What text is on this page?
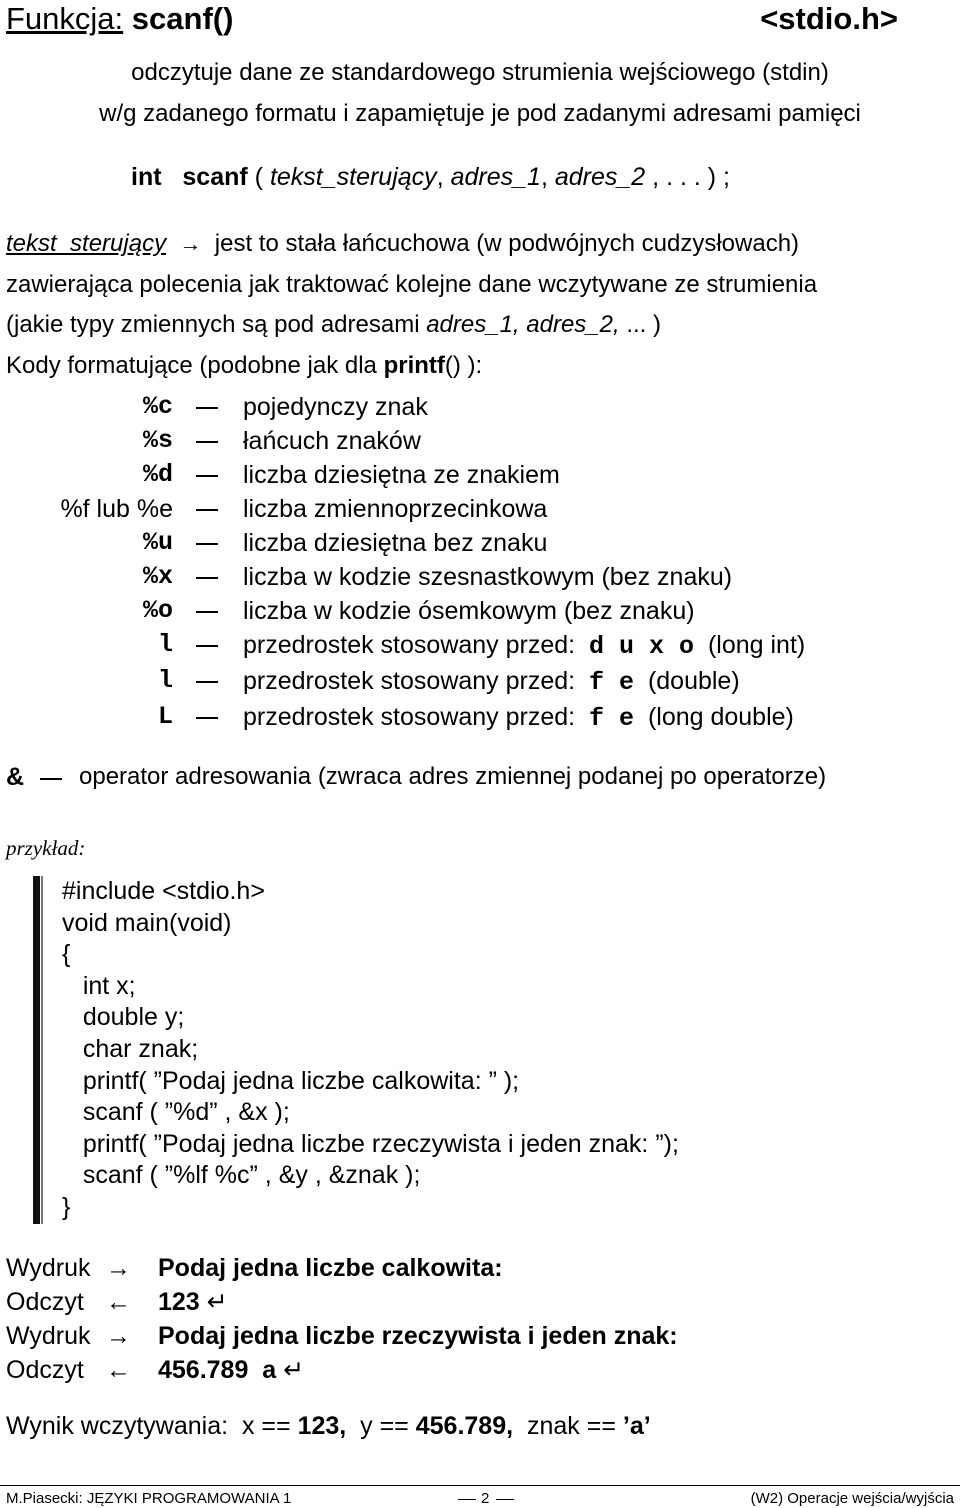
Funkcja: scanf()	<stdio.h>
odczytuje dane ze standardowego strumienia wejściowego (stdin)
w/g zadanego formatu i zapamiętuje je pod zadanymi adresami pamięci
int scanf ( tekst_sterujący, adres_1, adres_2 , . . . ) ;
tekst_sterujący → jest to stała łańcuchowa (w podwójnych cudzysłowach)
zawierająca polecenia jak traktować kolejne dane wczytywane ze strumienia
(jakie typy zmiennych są pod adresami adres_1, adres_2, ... )
Kody formatujące (podobne jak dla printf() ):
%c	pojedynczy znak
%s	łańcuch znaków
%d	liczba dziesiętna ze znakiem
%f lub %e	liczba zmiennoprzecinkowa
%u	liczba dziesiętna bez znaku
%x	liczba w kodzie szesnastkowym (bez znaku)
%o	liczba w kodzie ósemkowym (bez znaku)
l	przedrostek stosowany przed: d u x o (long int)
l	przedrostek stosowany przed: f e (double)
L	przedrostek stosowany przed: f e (long double)
& operator adresowania (zwraca adres zmiennej podanej po operatorze)
przykład:
#include <stdio.h>
void main(void)
{
int x;
double y;
char znak;
printf( ”Podaj jedna liczbe calkowita: ” );
scanf ( ”%d” , &x );
printf( ”Podaj jedna liczbe rzeczywista i jeden znak: ”);
scanf ( ”%lf %c” , &y , &znak );
}
Wydruk → Podaj jedna liczbe calkowita:
Odczyt ← 123 ↵
Wydruk → Podaj jedna liczbe rzeczywista i jeden znak:
Odczyt ← 456.789  a ↵
Wynik wczytywania: x == 123, y == 456.789, znak == ’a’
M.Piasecki: JĘZYKI PROGRAMOWANIA 1	2	(W2) Operacje wejścia/wyjścia
